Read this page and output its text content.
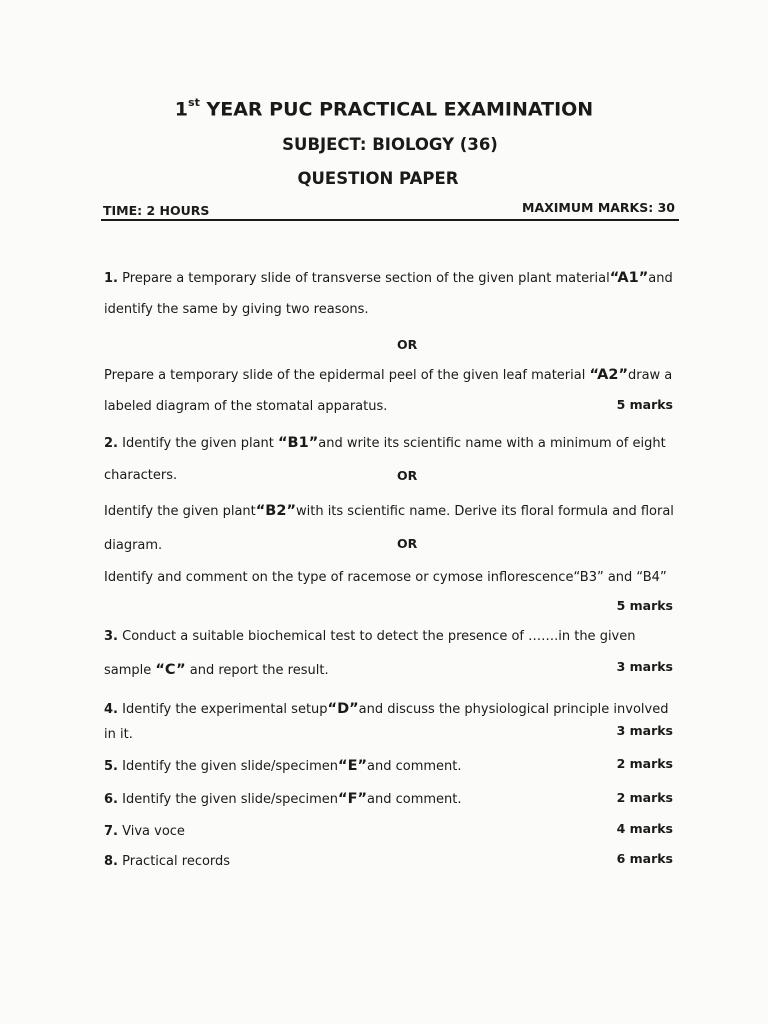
1st YEAR PUC PRACTICAL EXAMINATION
SUBJECT: BIOLOGY (36)
QUESTION PAPER
TIME: 2 HOURS	MAXIMUM MARKS: 30
1. Prepare a temporary slide of transverse section of the given plant material“A1”and
identify the same by giving two reasons.
OR
Prepare a temporary slide of the epidermal peel of the given leaf material “A2”draw a
labeled diagram of the stomatal apparatus.	5 marks
2. Identify the given plant “B1”and write its scientific name with a minimum of eight
characters.	OR
Identify the given plant“B2”with its scientific name. Derive its floral formula and floral
diagram.	OR
Identify and comment on the type of racemose or cymose inflorescence“B3” and “B4”
5 marks
3. Conduct a suitable biochemical test to detect the presence of …….in the given
sample “C” and report the result.	3 marks
4. Identify the experimental setup“D”and discuss the physiological principle involved
in it.	3 marks
5. Identify the given slide/specimen“E”and comment.	2 marks
6. Identify the given slide/specimen“F”and comment.	2 marks
7. Viva voce	4 marks
8. Practical records	6 marks
